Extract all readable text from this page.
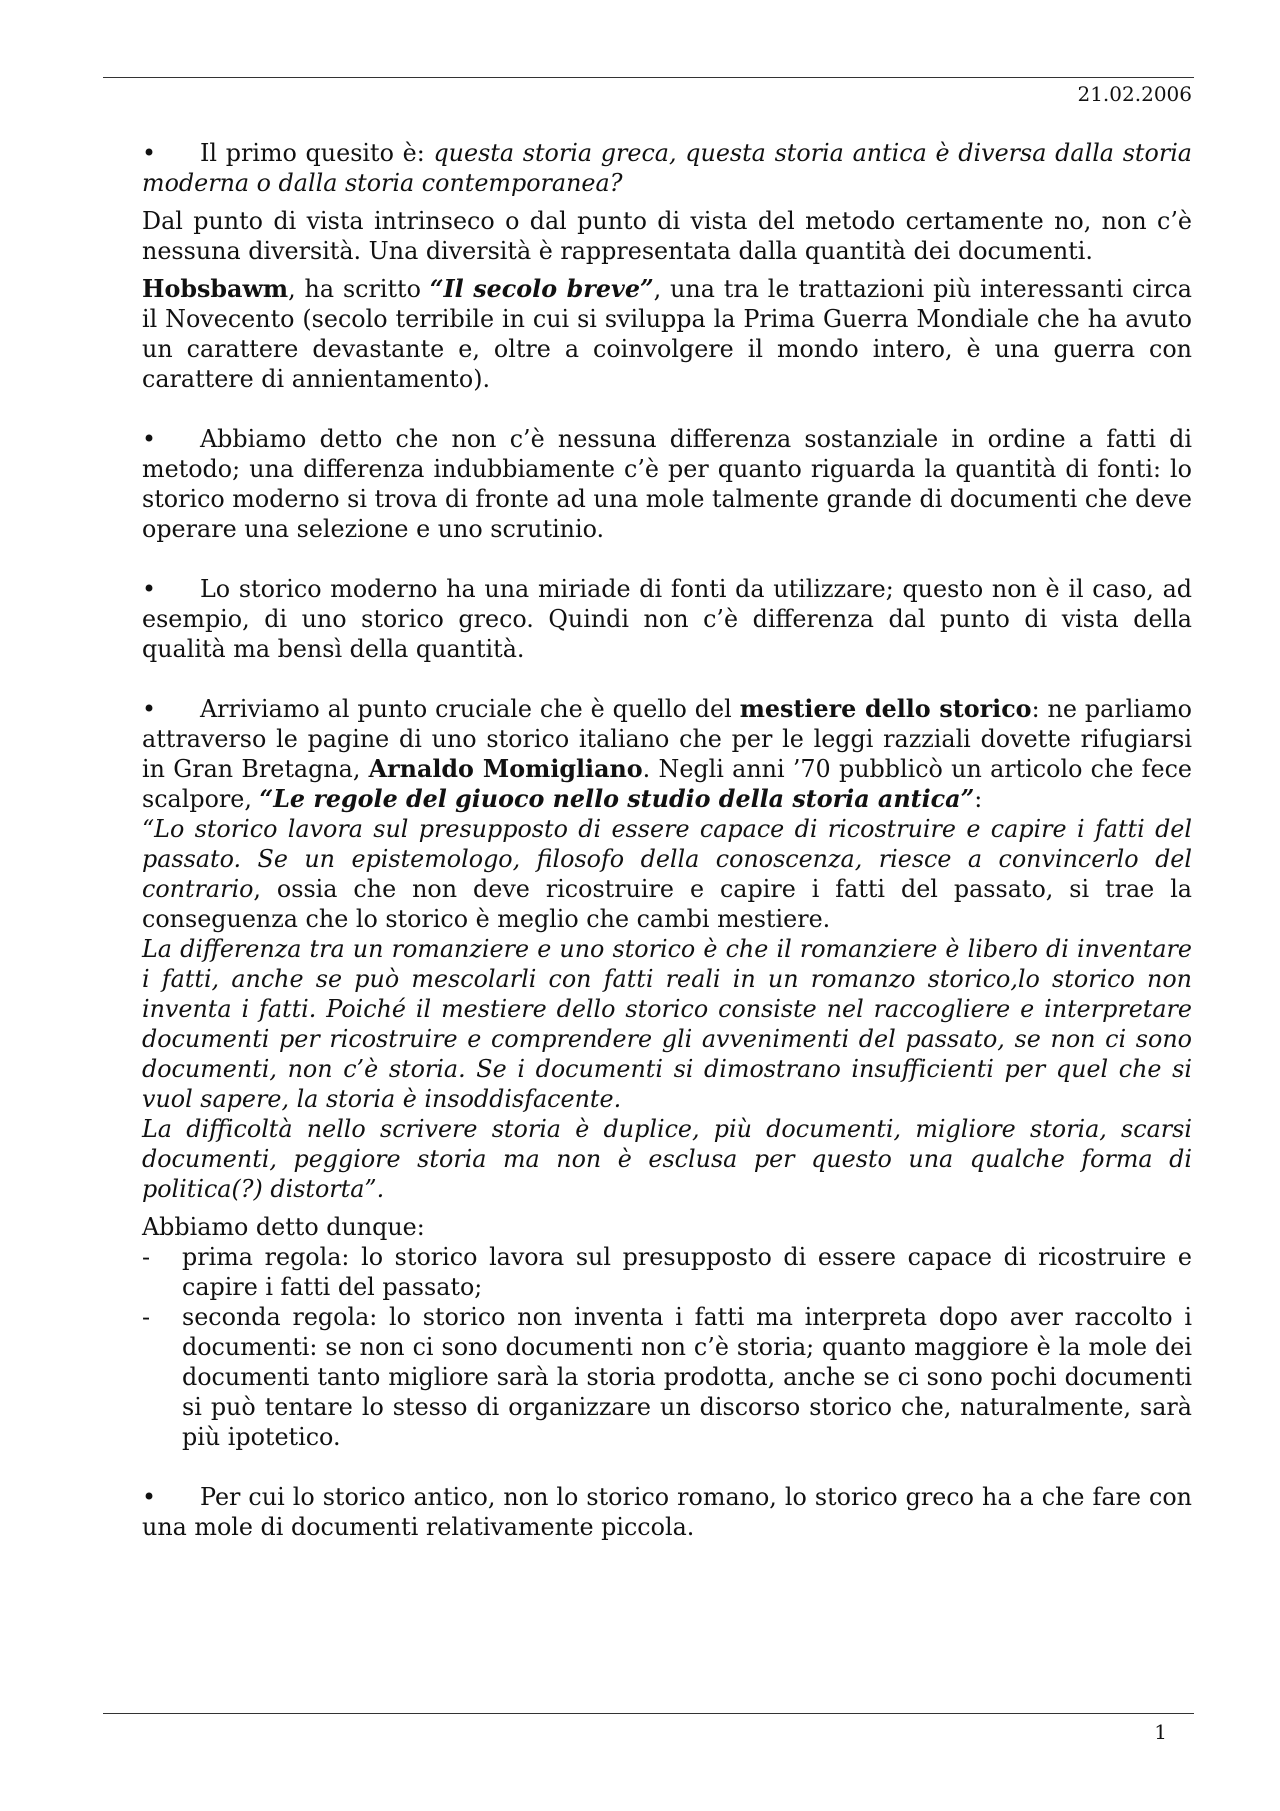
21.02.2006

• Il primo quesito è: questa storia greca, questa storia antica è diversa dalla storia moderna o dalla storia contemporanea?

Dal punto di vista intrinseco o dal punto di vista del metodo certamente no, non c’è nessuna diversità. Una diversità è rappresentata dalla quantità dei documenti.

Hobsbawm, ha scritto “Il secolo breve”, una tra le trattazioni più interessanti circa il Novecento (secolo terribile in cui si sviluppa la Prima Guerra Mondiale che ha avuto un carattere devastante e, oltre a coinvolgere il mondo intero, è una guerra con carattere di annientamento).

• Abbiamo detto che non c’è nessuna differenza sostanziale in ordine a fatti di metodo; una differenza indubbiamente c’è per quanto riguarda la quantità di fonti: lo storico moderno si trova di fronte ad una mole talmente grande di documenti che deve operare una selezione e uno scrutinio.

• Lo storico moderno ha una miriade di fonti da utilizzare; questo non è il caso, ad esempio, di uno storico greco. Quindi non c’è differenza dal punto di vista della qualità ma bensì della quantità.

• Arriviamo al punto cruciale che è quello del mestiere dello storico: ne parliamo attraverso le pagine di uno storico italiano che per le leggi razziali dovette rifugiarsi in Gran Bretagna, Arnaldo Momigliano. Negli anni ’70 pubblicò un articolo che fece scalpore, “Le regole del giuoco nello studio della storia antica”:

“Lo storico lavora sul presupposto di essere capace di ricostruire e capire i fatti del passato. Se un epistemologo, filosofo della conoscenza, riesce a convincerlo del contrario, ossia che non deve ricostruire e capire i fatti del passato, si trae la conseguenza che lo storico è meglio che cambi mestiere.

La differenza tra un romanziere e uno storico è che il romanziere è libero di inventare i fatti, anche se può mescolarli con fatti reali in un romanzo storico,lo storico non inventa i fatti. Poiché il mestiere dello storico consiste nel raccogliere e interpretare documenti per ricostruire e comprendere gli avvenimenti del passato, se non ci sono documenti, non c’è storia. Se i documenti si dimostrano insufficienti per quel che si vuol sapere, la storia è insoddisfacente.

La difficoltà nello scrivere storia è duplice, più documenti, migliore storia, scarsi documenti, peggiore storia ma non è esclusa per questo una qualche forma di politica(?) distorta”.

Abbiamo detto dunque:

-	prima regola: lo storico lavora sul presupposto di essere capace di ricostruire e capire i fatti del passato;
-	seconda regola: lo storico non inventa i fatti ma interpreta dopo aver raccolto i documenti: se non ci sono documenti non c’è storia; quanto maggiore è la mole dei documenti tanto migliore sarà la storia prodotta, anche se ci sono pochi documenti si può tentare lo stesso di organizzare un discorso storico che, naturalmente, sarà più ipotetico.

• Per cui lo storico antico, non lo storico romano, lo storico greco ha a che fare con una mole di documenti relativamente piccola.

1
